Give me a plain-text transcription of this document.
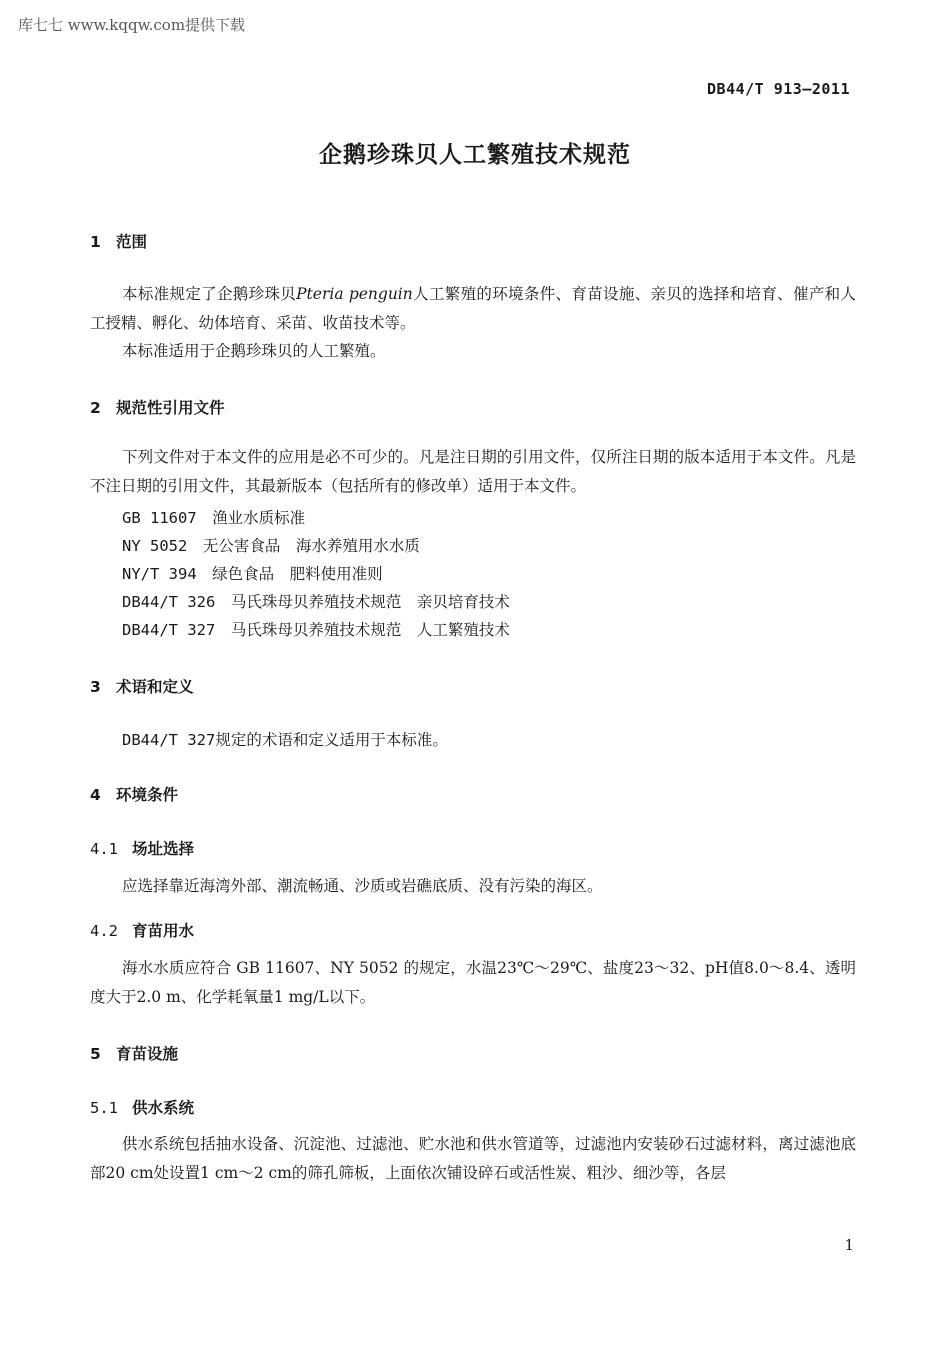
库七七 www.kqqw.com提供下载
DB44/T 913—2011
企鹅珍珠贝人工繁殖技术规范
1 范围

本标准规定了企鹅珍珠贝Pteria penguin人工繁殖的环境条件、育苗设施、亲贝的选择和培育、催产和人工授精、孵化、幼体培育、采苗、收苗技术等。

本标准适用于企鹅珍珠贝的人工繁殖。

2 规范性引用文件

下列文件对于本文件的应用是必不可少的。凡是注日期的引用文件，仅所注日期的版本适用于本文件。凡是不注日期的引用文件，其最新版本（包括所有的修改单）适用于本文件。

GB 11607　 渔业水质标准
NY 5052　 无公害食品　海水养殖用水水质
NY/T 394　 绿色食品　肥料使用准则
DB44/T 326　 马氏珠母贝养殖技术规范　亲贝培育技术
DB44/T 327　 马氏珠母贝养殖技术规范　人工繁殖技术
3 术语和定义
DB44/T 327规定的术语和定义适用于本标准。
4 环境条件
4.1 场址选择

应选择靠近海湾外部、潮流畅通、沙质或岩礁底质、没有污染的海区。

4.2 育苗用水

海水水质应符合 GB 11607、NY 5052 的规定，水温23℃～29℃、盐度23～32、pH值8.0～8.4、透明度大于2.0 m、化学耗氧量1 mg/L以下。

5 育苗设施
5.1 供水系统

供水系统包括抽水设备、沉淀池、过滤池、贮水池和供水管道等，过滤池内安装砂石过滤材料，离过滤池底部20 cm处设置1 cm～2 cm的筛孔筛板，上面依次铺设碎石或活性炭、粗沙、细沙等，各层

1
